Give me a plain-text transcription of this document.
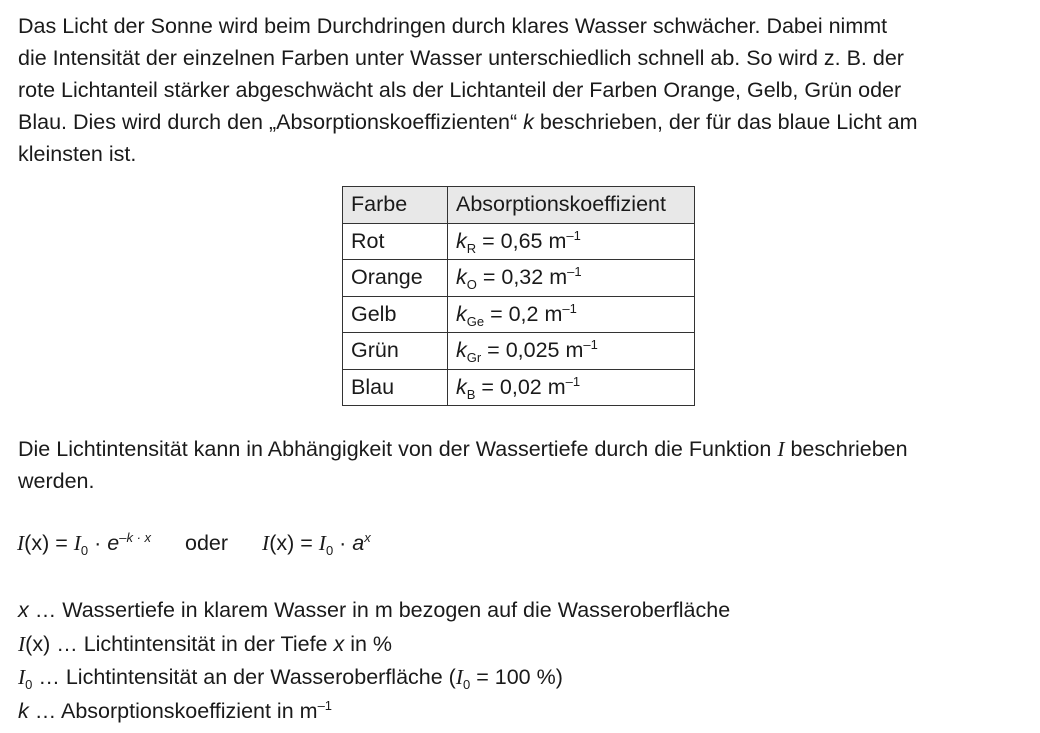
Das Licht der Sonne wird beim Durchdringen durch klares Wasser schwächer. Dabei nimmt
die Intensität der einzelnen Farben unter Wasser unterschiedlich schnell ab. So wird z. B. der
rote Lichtanteil stärker abgeschwächt als der Lichtanteil der Farben Orange, Gelb, Grün oder
Blau. Dies wird durch den „Absorptionskoeffizienten“ k beschrieben, der für das blaue Licht am
kleinsten ist.

Farbe	Absorptionskoeffizient
Rot	$k_R = 0,65$ $m^{-1}$
Orange	$k_O = 0,32$ $m^{-1}$
Gelb	$k_{Ge} = 0,2$ $m^{-1}$
Grün	$k_{Gr} = 0,025$ $m^{-1}$
Blau	$k_B = 0,02$ $m^{-1}$

Die Lichtintensität kann in Abhängigkeit von der Wassertiefe durch die Funktion I beschrieben
werden.

$I(x) = I_0 \cdot e^{-k \cdot x}$ oder $I(x) = I_0 \cdot a^x$
x … Wassertiefe in klarem Wasser in m bezogen auf die Wasseroberfläche
I(x) … Lichtintensität in der Tiefe x in %
$I_0$ … Lichtintensität an der Wasseroberfläche ($I_0 = 100$ %)
k … Absorptionskoeffizient in $m^{-1}$
